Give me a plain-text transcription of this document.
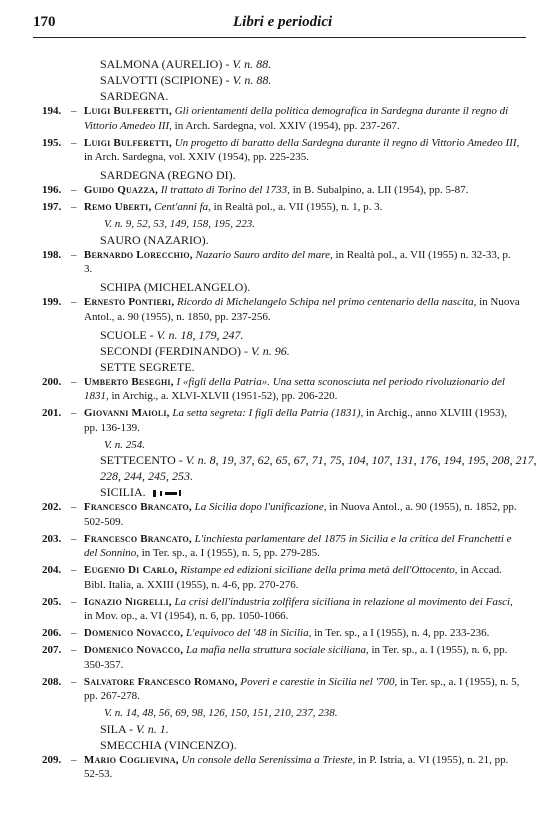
170	Libri e periodici
SALMONA (AURELIO) - V. n. 88.
SALVOTTI (SCIPIONE) - V. n. 88.
SARDEGNA.
194. – Luigi Bulferetti, Gli orientamenti della politica demografica in Sardegna durante il regno di Vittorio Amedeo III, in Arch. Sardegna, vol. XXIV (1954), pp. 237-267.
195. – Luigi Bulferetti, Un progetto di baratto della Sardegna durante il regno di Vittorio Amedeo III, in Arch. Sardegna, vol. XXIV (1954), pp. 225-235.
SARDEGNA (REGNO DI).
196. – Guido Quazza, Il trattato di Torino del 1733, in B. Subalpino, a. LII (1954), pp. 5-87.
197. – Remo Uberti, Cent'anni fa, in Realtà pol., a. VII (1955), n. 1, p. 3.
V. n. 9, 52, 53, 149, 158, 195, 223.
SAURO (NAZARIO).
198. – Bernardo Lorecchio, Nazario Sauro ardito del mare, in Realtà pol., a. VII (1955) n. 32-33, p. 3.
SCHIPA (MICHELANGELO).
199. – Ernesto Pontieri, Ricordo di Michelangelo Schipa nel primo centenario della nascita, in Nuova Antol., a. 90 (1955), n. 1850, pp. 237-256.
SCUOLE - V. n. 18, 179, 247.
SECONDI (FERDINANDO) - V. n. 96.
SETTE SEGRETE.
200. – Umberto Beseghi, I «figli della Patria». Una setta sconosciuta nel periodo rivoluzionario del 1831, in Archig., a. XLVI-XLVII (1951-52), pp. 206-220.
201. – Giovanni Maioli, La setta segreta: I figli della Patria (1831), in Archig., anno XLVIII (1953), pp. 136-139.
V. n. 254.
SETTECENTO - V. n. 8, 19, 37, 62, 65, 67, 71, 75, 104, 107, 131, 176, 194, 195, 208, 217, 228, 244, 245, 253.
SICILIA.
202. – Francesco Brancato, La Sicilia dopo l'unificazione, in Nuova Antol., a. 90 (1955), n. 1852, pp. 502-509.
203. – Francesco Brancato, L'inchiesta parlamentare del 1875 in Sicilia e la critica del Franchetti e del Sonnino, in Ter. sp., a. I (1955), n. 5, pp. 279-285.
204. – Eugenio Di Carlo, Ristampe ed edizioni siciliane della prima metà dell'Ottocento, in Accad. Bibl. Italia, a. XXIII (1955), n. 4-6, pp. 270-276.
205. – Ignazio Nigrelli, La crisi dell'industria zolfifera siciliana in relazione al movimento dei Fasci, in Mov. op., a. VI (1954), n. 6, pp. 1050-1066.
206. – Domenico Novacco, L'equivoco del '48 in Sicilia, in Ter. sp., a I (1955), n. 4, pp. 233-236.
207. – Domenico Novacco, La mafia nella struttura sociale siciliana, in Ter. sp., a. I (1955), n. 6, pp. 350-357.
208. – Salvatore Francesco Romano, Poveri e carestie in Sicilia nel '700, in Ter. sp., a. I (1955), n. 5, pp. 267-278.
V. n. 14, 48, 56, 69, 98, 126, 150, 151, 210, 237, 238.
SILA - V. n. 1.
SMECCHIA (VINCENZO).
209. – Mario Coglievina, Un console della Serenissima a Trieste, in P. Istria, a. VI (1955), n. 21, pp. 52-53.
